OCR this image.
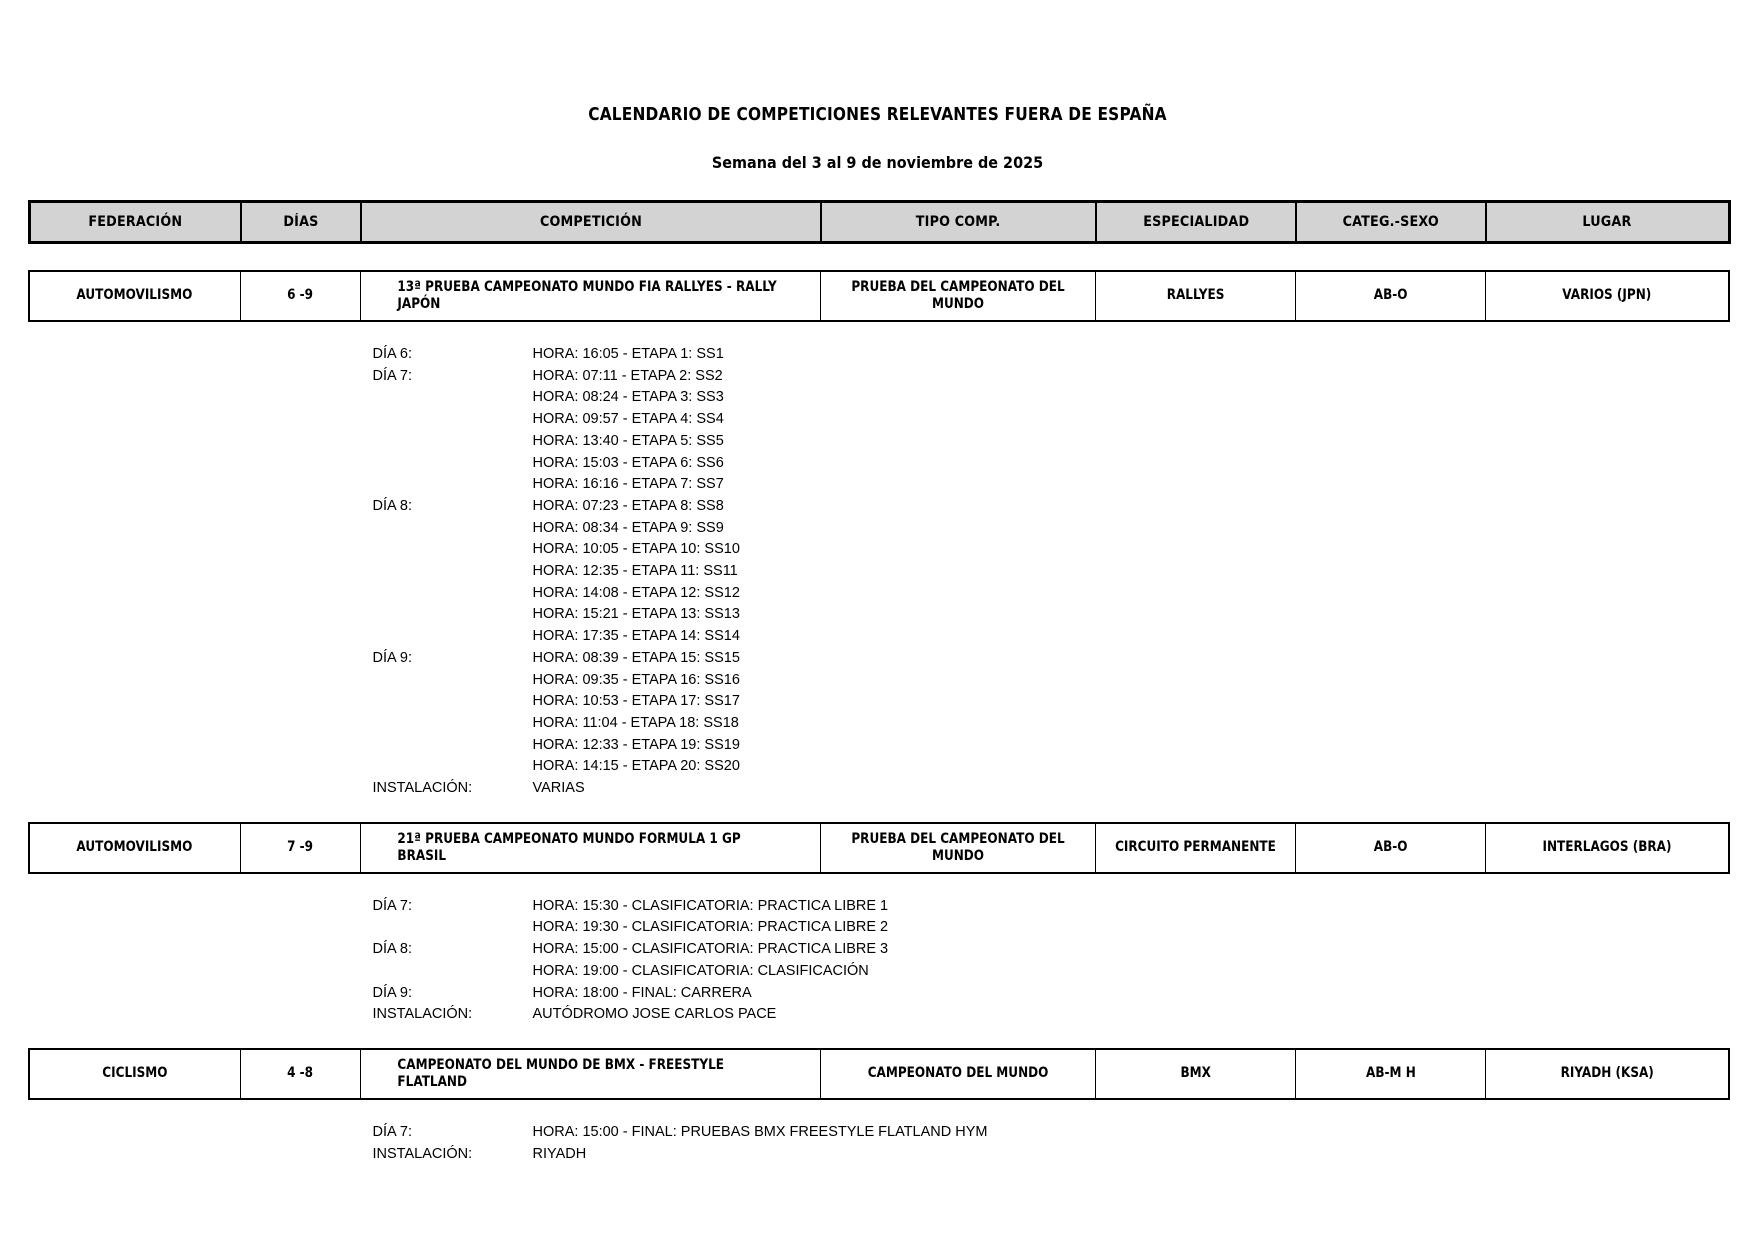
CALENDARIO DE COMPETICIONES RELEVANTES FUERA DE ESPAÑA
Semana del 3 al 9 de noviembre de 2025
FEDERACIÓN	DÍAS	COMPETICIÓN	TIPO COMP.	ESPECIALIDAD	CATEG.-SEXO	LUGAR
AUTOMOVILISMO	6 -9	13ª PRUEBA CAMPEONATO MUNDO FIA RALLYES - RALLY JAPÓN	PRUEBA DEL CAMPEONATO DEL MUNDO	RALLYES	AB-O	VARIOS (JPN)
DÍA 6:	HORA: 16:05 - ETAPA 1: SS1
DÍA 7:	HORA: 07:11 - ETAPA 2: SS2
HORA: 08:24 - ETAPA 3: SS3
HORA: 09:57 - ETAPA 4: SS4
HORA: 13:40 - ETAPA 5: SS5
HORA: 15:03 - ETAPA 6: SS6
HORA: 16:16 - ETAPA 7: SS7
DÍA 8:	HORA: 07:23 - ETAPA 8: SS8
HORA: 08:34 - ETAPA 9: SS9
HORA: 10:05 - ETAPA 10: SS10
HORA: 12:35 - ETAPA 11: SS11
HORA: 14:08 - ETAPA 12: SS12
HORA: 15:21 - ETAPA 13: SS13
HORA: 17:35 - ETAPA 14: SS14
DÍA 9:	HORA: 08:39 - ETAPA 15: SS15
HORA: 09:35 - ETAPA 16: SS16
HORA: 10:53 - ETAPA 17: SS17
HORA: 11:04 - ETAPA 18: SS18
HORA: 12:33 - ETAPA 19: SS19
HORA: 14:15 - ETAPA 20: SS20
INSTALACIÓN:	VARIAS
AUTOMOVILISMO	7 -9	21ª PRUEBA CAMPEONATO MUNDO FORMULA 1 GP BRASIL	PRUEBA DEL CAMPEONATO DEL MUNDO	CIRCUITO PERMANENTE	AB-O	INTERLAGOS (BRA)
DÍA 7:	HORA: 15:30 - CLASIFICATORIA: PRACTICA LIBRE 1
HORA: 19:30 - CLASIFICATORIA: PRACTICA LIBRE 2
DÍA 8:	HORA: 15:00 - CLASIFICATORIA: PRACTICA LIBRE 3
HORA: 19:00 - CLASIFICATORIA: CLASIFICACIÓN
DÍA 9:	HORA: 18:00 - FINAL: CARRERA
INSTALACIÓN:	AUTÓDROMO JOSE CARLOS PACE
CICLISMO	4 -8	CAMPEONATO DEL MUNDO DE BMX - FREESTYLE FLATLAND	CAMPEONATO DEL MUNDO	BMX	AB-M H	RIYADH (KSA)
DÍA 7:	HORA: 15:00 - FINAL: PRUEBAS BMX FREESTYLE FLATLAND HYM
INSTALACIÓN:	RIYADH
